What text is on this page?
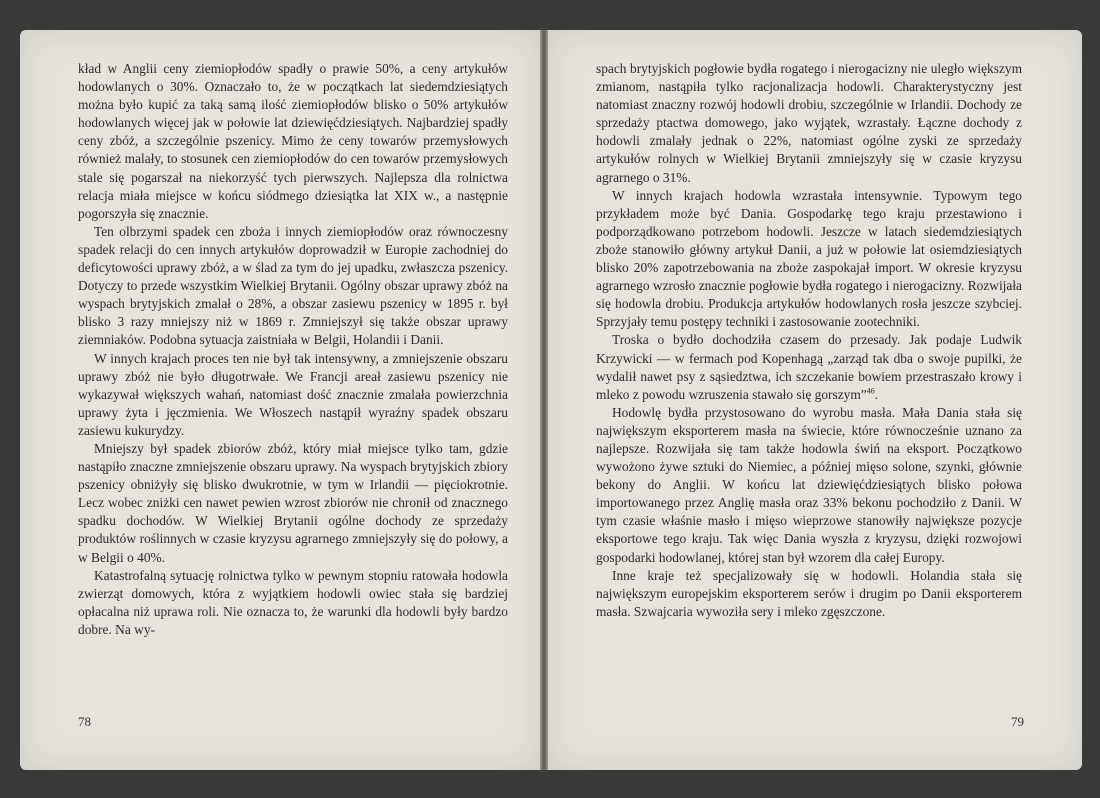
kład w Anglii ceny ziemiopłodów spadły o prawie 50%, a ceny artykułów hodowlanych o 30%. Oznaczało to, że w początkach lat siedemdziesiątych można było kupić za taką samą ilość ziemiopłodów blisko o 50% artykułów hodowlanych więcej jak w połowie lat dziewięćdziesiątych. Najbardziej spadły ceny zbóż, a szczególnie pszenicy. Mimo że ceny towarów przemysłowych również malały, to stosunek cen ziemiopłodów do cen towarów przemysłowych stale się pogarszał na niekorzyść tych pierwszych. Najlepsza dla rolnictwa relacja miała miejsce w końcu siódmego dziesiątka lat XIX w., a następnie pogorszyła się znacznie.

Ten olbrzymi spadek cen zboża i innych ziemiopłodów oraz równoczesny spadek relacji do cen innych artykułów doprowadził w Europie zachodniej do deficytowości uprawy zbóż, a w ślad za tym do jej upadku, zwłaszcza pszenicy. Dotyczy to przede wszystkim Wielkiej Brytanii. Ogólny obszar uprawy zbóż na wyspach brytyjskich zmalał o 28%, a obszar zasiewu pszenicy w 1895 r. był blisko 3 razy mniejszy niż w 1869 r. Zmniejszył się także obszar uprawy ziemniaków. Podobna sytuacja zaistniała w Belgii, Holandii i Danii.

W innych krajach proces ten nie był tak intensywny, a zmniejszenie obszaru uprawy zbóż nie było długotrwałe. We Francji areał zasiewu pszenicy nie wykazywał większych wahań, natomiast dość znacznie zmalała powierzchnia uprawy żyta i jęczmienia. We Włoszech nastąpił wyraźny spadek obszaru zasiewu kukurydzy.

Mniejszy był spadek zbiorów zbóż, który miał miejsce tylko tam, gdzie nastąpiło znaczne zmniejszenie obszaru uprawy. Na wyspach brytyjskich zbiory pszenicy obniżyły się blisko dwukrotnie, w tym w Irlandii — pięciokrotnie. Lecz wobec zniżki cen nawet pewien wzrost zbiorów nie chronił od znacznego spadku dochodów. W Wielkiej Brytanii ogólne dochody ze sprzedaży produktów roślinnych w czasie kryzysu agrarnego zmniejszyły się do połowy, a w Belgii o 40%.

Katastrofalną sytuację rolnictwa tylko w pewnym stopniu ratowała hodowla zwierząt domowych, która z wyjątkiem hodowli owiec stała się bardziej opłacalna niż uprawa roli. Nie oznacza to, że warunki dla hodowli były bardzo dobre. Na wy-

78

spach brytyjskich pogłowie bydła rogatego i nierogacizny nie uległo większym zmianom, nastąpiła tylko racjonalizacja hodowli. Charakterystyczny jest natomiast znaczny rozwój hodowli drobiu, szczególnie w Irlandii. Dochody ze sprzedaży ptactwa domowego, jako wyjątek, wzrastały. Łączne dochody z hodowli zmalały jednak o 22%, natomiast ogólne zyski ze sprzedaży artykułów rolnych w Wielkiej Brytanii zmniejszyły się w czasie kryzysu agrarnego o 31%.

W innych krajach hodowla wzrastała intensywnie. Typowym tego przykładem może być Dania. Gospodarkę tego kraju przestawiono i podporządkowano potrzebom hodowli. Jeszcze w latach siedemdziesiątych zboże stanowiło główny artykuł Danii, a już w połowie lat osiemdziesiątych blisko 20% zapotrzebowania na zboże zaspokajał import. W okresie kryzysu agrarnego wzrosło znacznie pogłowie bydła rogatego i nierogacizny. Rozwijała się hodowla drobiu. Produkcja artykułów hodowlanych rosła jeszcze szybciej. Sprzyjały temu postępy techniki i zastosowanie zootechniki.

Troska o bydło dochodziła czasem do przesady. Jak podaje Ludwik Krzywicki — w fermach pod Kopenhagą „zarząd tak dba o swoje pupilki, że wydalił nawet psy z sąsiedztwa, ich szczekanie bowiem przestraszało krowy i mleko z powodu wzruszenia stawało się gorszym”$^{46}$.

Hodowlę bydła przystosowano do wyrobu masła. Mała Dania stała się największym eksporterem masła na świecie, które równocześnie uznano za najlepsze. Rozwijała się tam także hodowla świń na eksport. Początkowo wywożono żywe sztuki do Niemiec, a później mięso solone, szynki, głównie bekony do Anglii. W końcu lat dziewięćdziesiątych blisko połowa importowanego przez Anglię masła oraz 33% bekonu pochodziło z Danii. W tym czasie właśnie masło i mięso wieprzowe stanowiły największe pozycje eksportowe tego kraju. Tak więc Dania wyszła z kryzysu, dzięki rozwojowi gospodarki hodowlanej, której stan był wzorem dla całej Europy.

Inne kraje też specjalizowały się w hodowli. Holandia stała się największym europejskim eksporterem serów i drugim po Danii eksporterem masła. Szwajcaria wywoziła sery i mleko zgęszczone.

79
